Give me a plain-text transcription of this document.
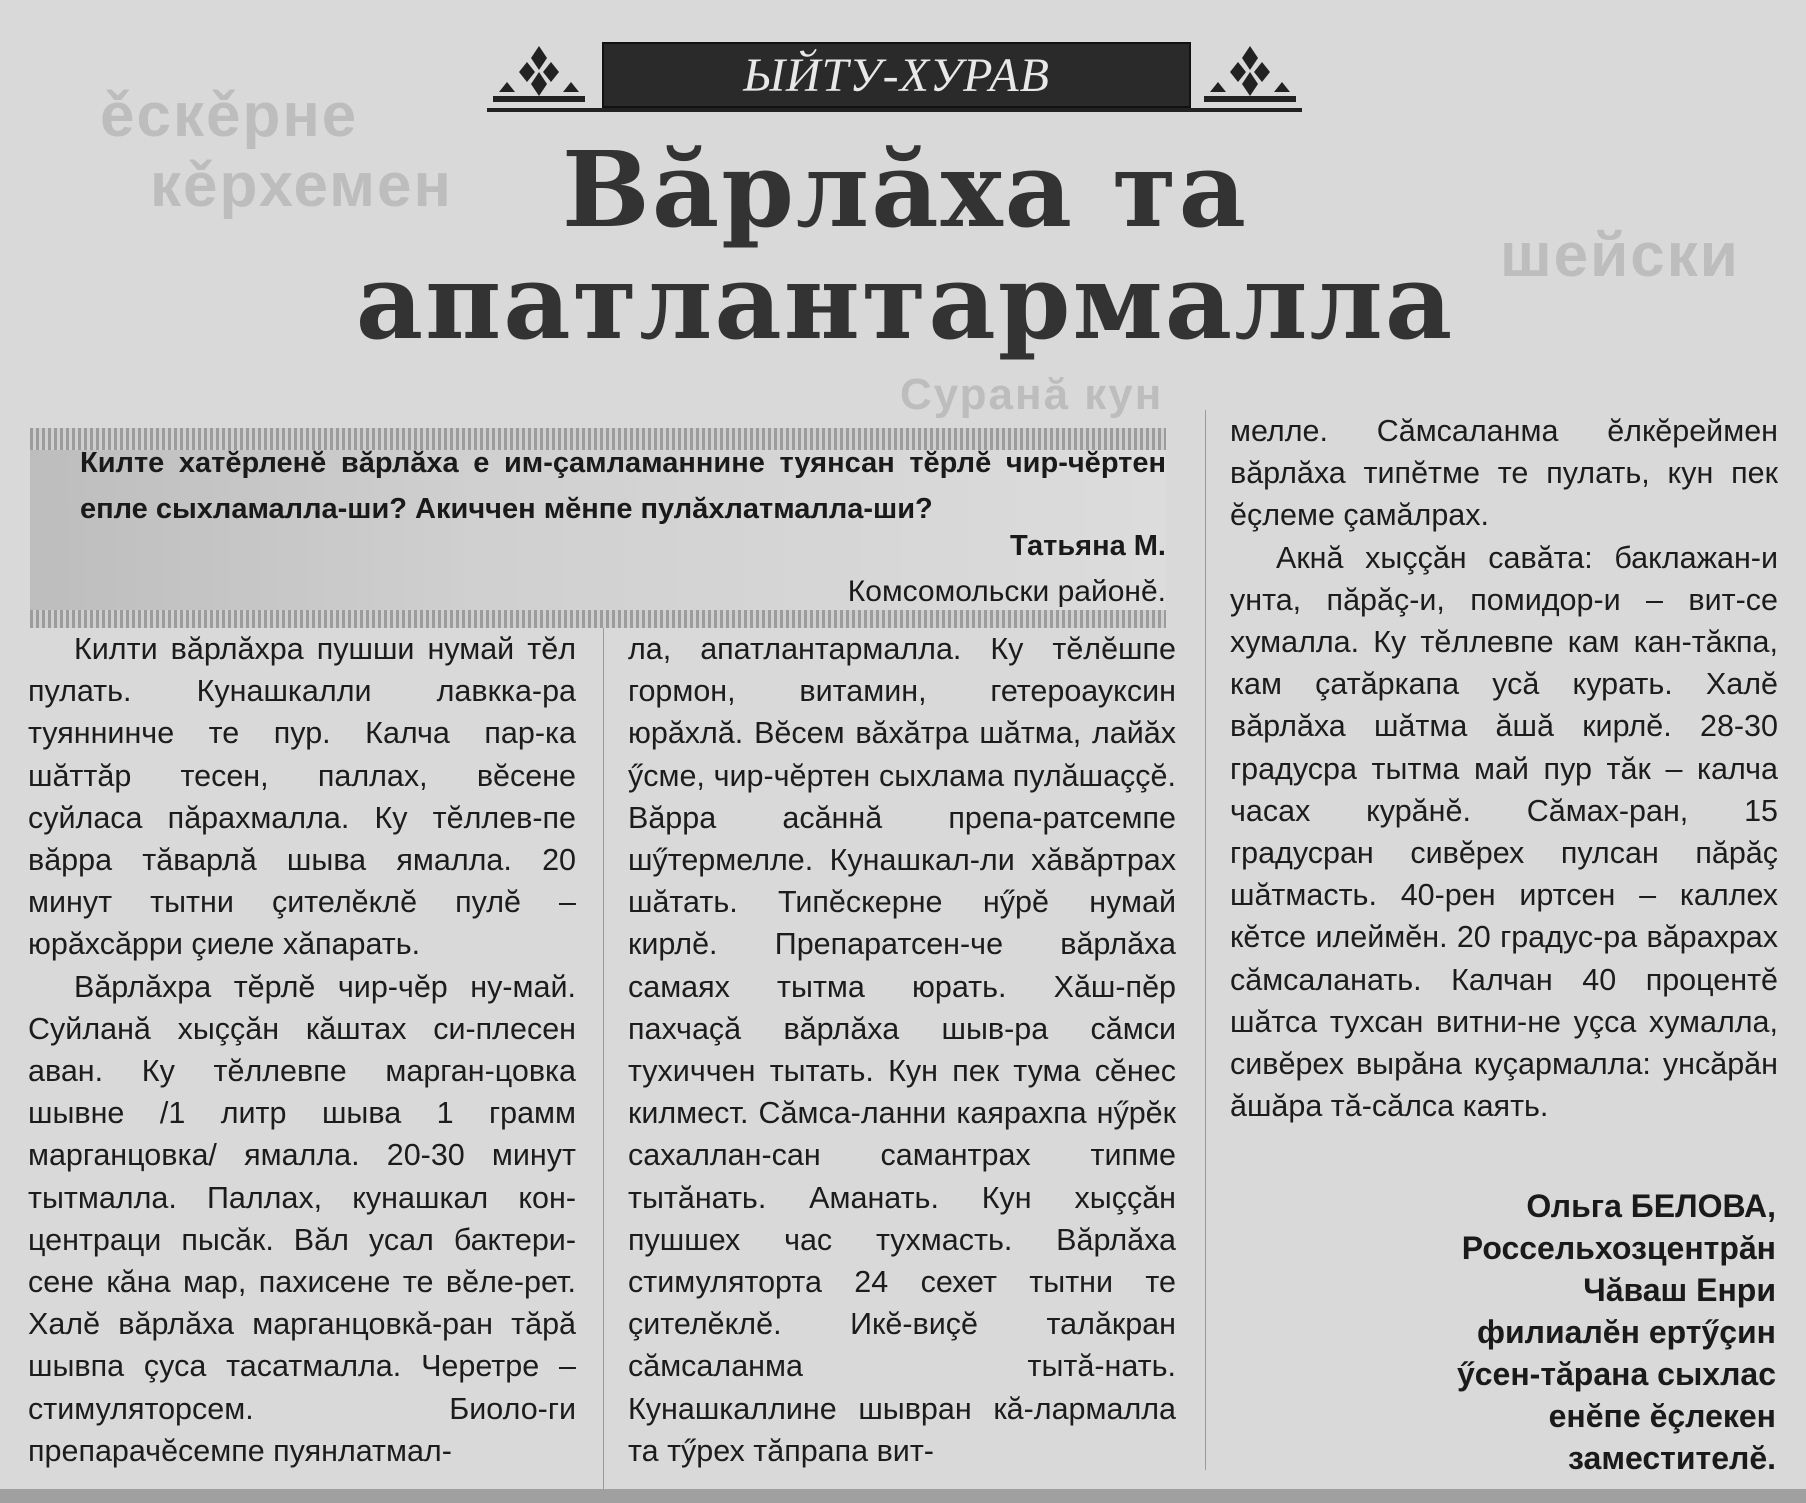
ěскěрне
кěрхемен
шейски
Суранă кун
ЫЙТУ-ХУРАВ
Вăрлăха та
апатлантармалла
Килте хатĕрленĕ вăрлăха е им-çамламаннине туянсан тĕрлĕ чир-чĕртен епле сыхламалла-ши? Акиччен мĕнпе пулăхлатмалла-ши?
Татьяна М.
Комсомольски районĕ.

Килти вăрлăхра пушши нумай тĕл пулать. Кунашкалли лавкка-ра туяннинче те пур. Калча пар-ка шăттăр тесен, паллах, вĕсене суйласа пăрахмалла. Ку тĕллев-пе вăрра тăварлă шыва ямалла. 20 минут тытни çителĕклĕ пулĕ – юрăхсăрри çиеле хăпарать.

Вăрлăхра тĕрлĕ чир-чĕр ну-май. Суйланă хыççăн кăштах си-плесен аван. Ку тĕллевпе марган-цовка шывне /1 литр шыва 1 грамм марганцовка/ ямалла. 20-30 минут тытмалла. Паллах, кунашкал кон-центраци пысăк. Вăл усал бактери-сене кăна мар, пахисене те вĕле-рет. Халĕ вăрлăха марганцовкă-ран тăрă шывпа çуса тасатмалла. Черетре – стимуляторсем. Биоло-ги препарачĕсемпе пуянлатмал-

ла, апатлантармалла. Ку тĕлĕшпе гормон, витамин, гетероауксин юрăхлă. Вĕсем вăхăтра шăтма, лайăх ӳсме, чир-чĕртен сыхлама пулăшаççĕ. Вăрра асăннă препа-ратсемпе шӳтермелле. Кунашкал-ли хăвăртрах шăтать. Типĕскерне нӳрĕ нумай кирлĕ. Препаратсен-че вăрлăха самаях тытма юрать. Хăш-пĕр пахчаçă вăрлăха шыв-ра сăмси тухиччен тытать. Кун пек тума сĕнес килмест. Сăмса-ланни каярахпа нӳрĕк сахаллан-сан самантрах типме тытăнать. Аманать. Кун хыççăн пушшех час тухмасть. Вăрлăха стимуляторта 24 сехет тытни те çителĕклĕ. Икĕ-виçĕ талăкран сăмсаланма тытă-нать. Кунашкаллине шывран кă-лармалла та тӳрех тăпрапа вит-

мелле. Сăмсаланма ĕлкĕреймен вăрлăха типĕтме те пулать, кун пек ĕçлеме çамăлрах.

Акнă хыççăн савăта: баклажан-и унта, пăрăç-и, помидор-и – вит-се хумалла. Ку тĕллевпе кам кан-тăкпа, кам çатăркапа усă курать. Халĕ вăрлăха шăтма ăшă кирлĕ. 28-30 градусра тытма май пур тăк – калча часах курăнĕ. Сăмах-ран, 15 градусран сивĕрех пулсан пăрăç шăтмасть. 40-рен иртсен – каллех кĕтсе илеймĕн. 20 градус-ра вăрахрах сăмсаланать. Калчан 40 процентĕ шăтса тухсан витни-не уçса хумалла, сивĕрех вырăна куçармалла: унсăрăн ăшăра тă-сăлса каять.

Ольга БЕЛОВА,
Россельхозцентрăн
Чăваш Енри
филиалĕн ертӳçин
ӳсен-тăрана сыхлас
енĕпе ĕçлекен
заместителĕ.
